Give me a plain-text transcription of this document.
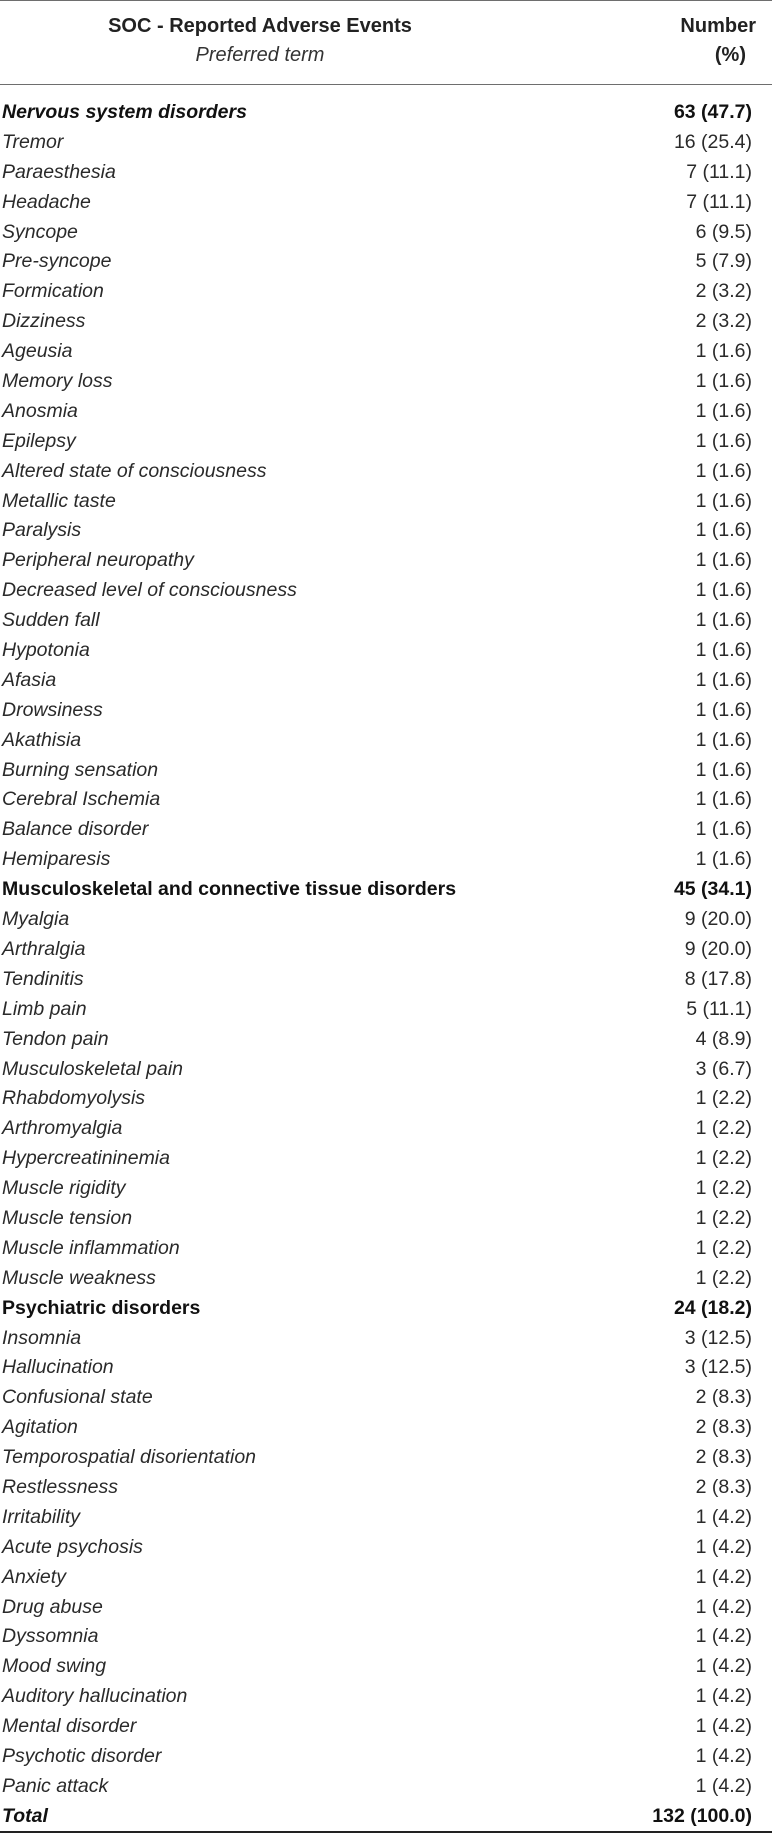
SOC - Reported Adverse Events
Preferred term
Number
(%)
Nervous system disorders	63 (47.7)
Tremor	16 (25.4)
Paraesthesia	7 (11.1)
Headache	7 (11.1)
Syncope	6 (9.5)
Pre-syncope	5 (7.9)
Formication	2 (3.2)
Dizziness	2 (3.2)
Ageusia	1 (1.6)
Memory loss	1 (1.6)
Anosmia	1 (1.6)
Epilepsy	1 (1.6)
Altered state of consciousness	1 (1.6)
Metallic taste	1 (1.6)
Paralysis	1 (1.6)
Peripheral neuropathy	1 (1.6)
Decreased level of consciousness	1 (1.6)
Sudden fall	1 (1.6)
Hypotonia	1 (1.6)
Afasia	1 (1.6)
Drowsiness	1 (1.6)
Akathisia	1 (1.6)
Burning sensation	1 (1.6)
Cerebral Ischemia	1 (1.6)
Balance disorder	1 (1.6)
Hemiparesis	1 (1.6)
Musculoskeletal and connective tissue disorders	45 (34.1)
Myalgia	9 (20.0)
Arthralgia	9 (20.0)
Tendinitis	8 (17.8)
Limb pain	5 (11.1)
Tendon pain	4 (8.9)
Musculoskeletal pain	3 (6.7)
Rhabdomyolysis	1 (2.2)
Arthromyalgia	1 (2.2)
Hypercreatininemia	1 (2.2)
Muscle rigidity	1 (2.2)
Muscle tension	1 (2.2)
Muscle inflammation	1 (2.2)
Muscle weakness	1 (2.2)
Psychiatric disorders	24 (18.2)
Insomnia	3 (12.5)
Hallucination	3 (12.5)
Confusional state	2 (8.3)
Agitation	2 (8.3)
Temporospatial disorientation	2 (8.3)
Restlessness	2 (8.3)
Irritability	1 (4.2)
Acute psychosis	1 (4.2)
Anxiety	1 (4.2)
Drug abuse	1 (4.2)
Dyssomnia	1 (4.2)
Mood swing	1 (4.2)
Auditory hallucination	1 (4.2)
Mental disorder	1 (4.2)
Psychotic disorder	1 (4.2)
Panic attack	1 (4.2)
Total	132 (100.0)
